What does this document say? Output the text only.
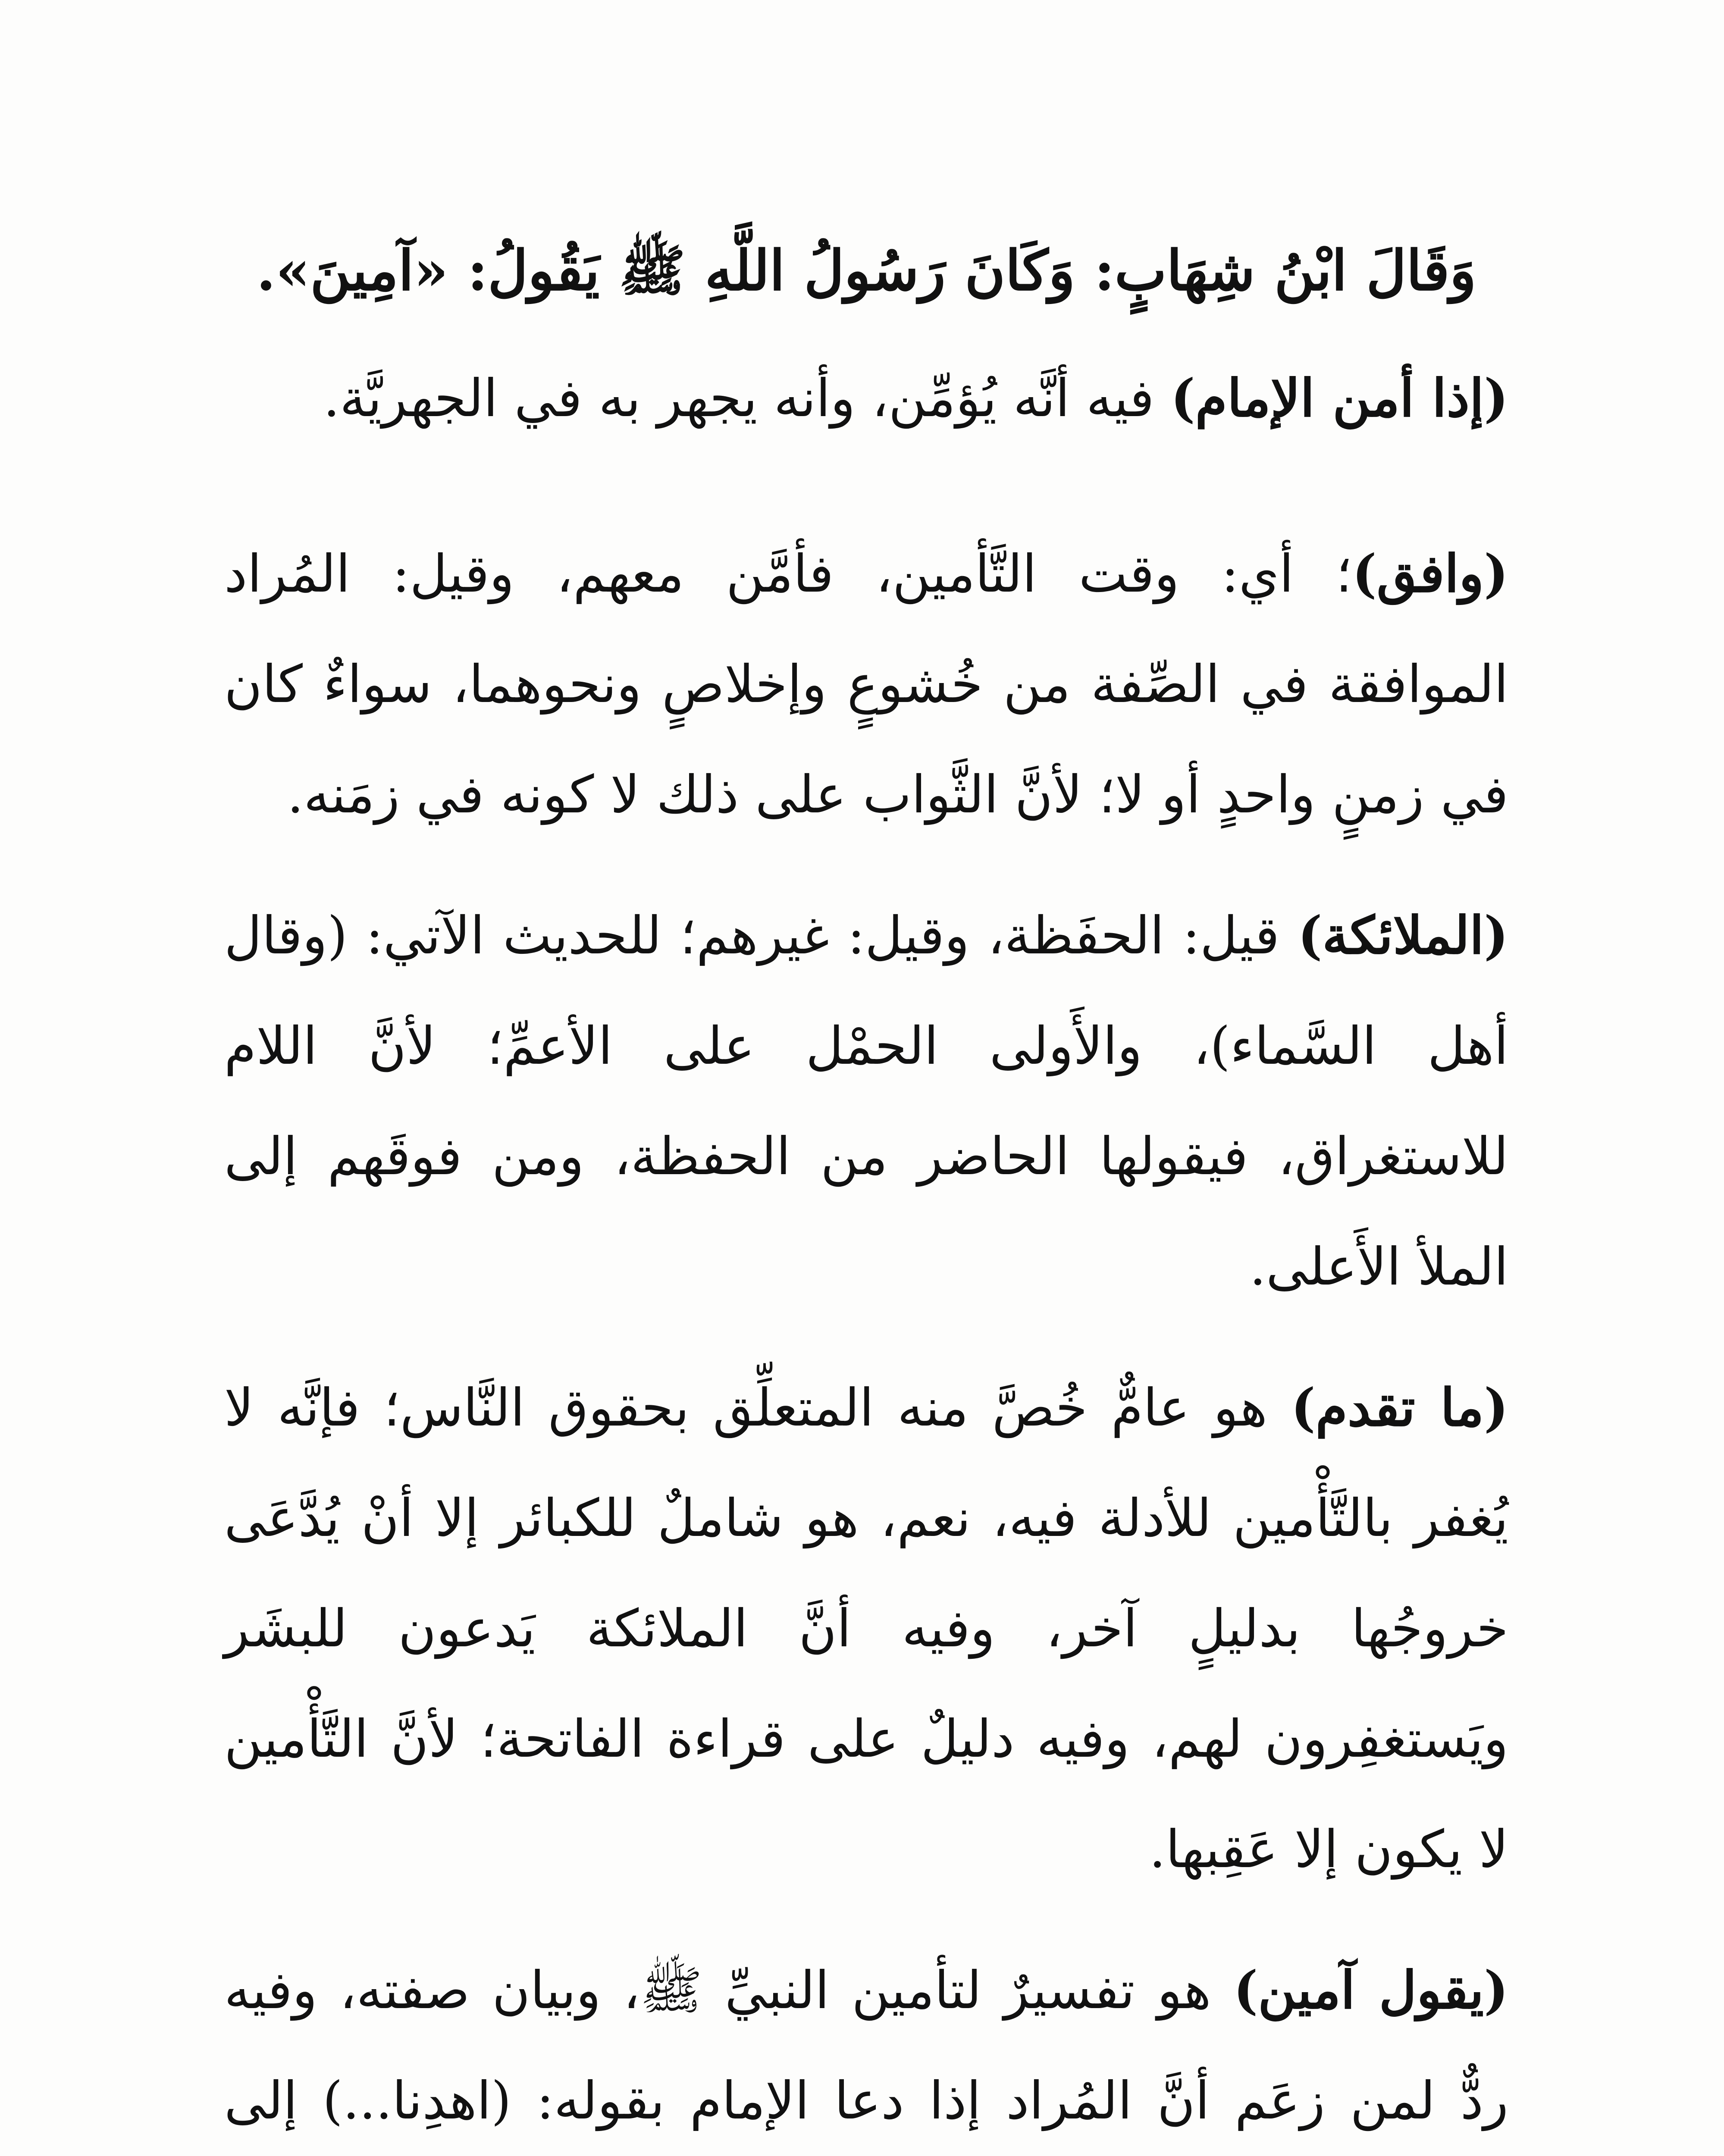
وَقَالَ ابْنُ شِهَابٍ: وَكَانَ رَسُولُ اللَّهِ ﷺ يَقُولُ: «آمِينَ».

(إذا أمن الإمام) فيه أنَّه يُؤمِّن، وأنه يجهر به في الجهريَّة.

(وافق)؛ أي: وقت التَّأمين، فأمَّن معهم، وقيل: المُراد الموافقة في الصِّفة من خُشوعٍ وإخلاصٍ ونحوهما، سواءٌ كان في زمنٍ واحدٍ أو لا؛ لأنَّ الثَّواب على ذلك لا كونه في زمَنه.

(الملائكة) قيل: الحفَظة، وقيل: غيرهم؛ للحديث الآتي: (وقال أهل السَّماء)، والأَولى الحمْل على الأعمِّ؛ لأنَّ اللام للاستغراق، فيقولها الحاضر من الحفظة، ومن فوقَهم إلى الملأ الأَعلى.

(ما تقدم) هو عامٌّ خُصَّ منه المتعلِّق بحقوق النَّاس؛ فإنَّه لا يُغفر بالتَّأْمين للأدلة فيه، نعم، هو شاملٌ للكبائر إلا أنْ يُدَّعَى خروجُها بدليلٍ آخر، وفيه أنَّ الملائكة يَدعون للبشَر ويَستغفِرون لهم، وفيه دليلٌ على قراءة الفاتحة؛ لأنَّ التَّأْمين لا يكون إلا عَقِبها.

(يقول آمين) هو تفسيرٌ لتأمين النبيِّ ﷺ، وبيان صفته، وفيه ردٌّ لمن زعَم أنَّ المُراد إذا دعا الإمام بقوله: (اهدِنا...) إلى
